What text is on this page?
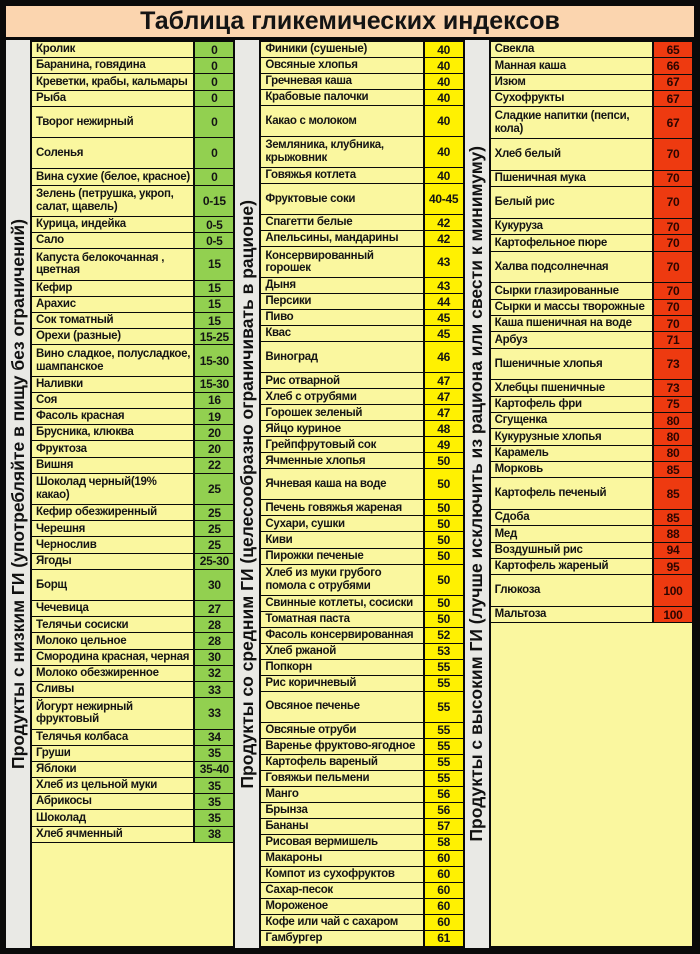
Таблица гликемических индексов
Продукты с низким ГИ (употребляйте в пищу без ограничений)
Кролик	0
Баранина, говядина	0
Креветки, крабы, кальмары	0
Рыба	0
Творог нежирный	0
Соленья	0
Вина сухие (белое, красное)	0
Зелень (петрушка, укроп, салат, щавель)	0-15
Курица, индейка	0-5
Сало	0-5
Капуста белокочанная , цветная	15
Кефир	15
Арахис	15
Сок томатный	15
Орехи (разные)	15-25
Вино сладкое, полусладкое, шампанское	15-30
Наливки	15-30
Соя	16
Фасоль красная	19
Брусника, клюква	20
Фруктоза	20
Вишня	22
Шоколад черный(19% какао)	25
Кефир обезжиренный	25
Черешня	25
Чернослив	25
Ягоды	25-30
Борщ	30
Чечевица	27
Телячьи сосиски	28
Молоко цельное	28
Смородина красная, черная	30
Молоко обезжиренное	32
Сливы	33
Йогурт нежирный фруктовый	33
Телячья колбаса	34
Груши	35
Яблоки	35-40
Хлеб из цельной муки	35
Абрикосы	35
Шоколад	35
Хлеб ячменный	38
Продукты со средним ГИ (целесообразно ограничивать в рационе)
Финики (сушеные)	40
Овсяные хлопья	40
Гречневая каша	40
Крабовые палочки	40
Какао с молоком	40
Земляника, клубника, крыжовник	40
Говяжья котлета	40
Фруктовые соки	40-45
Спагетти белые	42
Апельсины, мандарины	42
Консервированный горошек	43
Дыня	43
Персики	44
Пиво	45
Квас	45
Виноград	46
Рис отварной	47
Хлеб с отрубями	47
Горошек зеленый	47
Яйцо куриное	48
Грейпфрутовый сок	49
Ячменные хлопья	50
Ячневая каша на воде	50
Печень говяжья жареная	50
Сухари, сушки	50
Киви	50
Пирожки печеные	50
Хлеб из муки грубого помола с отрубями	50
Свинные котлеты, сосиски	50
Томатная паста	50
Фасоль консервированная	52
Хлеб ржаной	53
Попкорн	55
Рис коричневый	55
Овсяное печенье	55
Овсяные отруби	55
Варенье фруктово-ягодное	55
Картофель вареный	55
Говяжьи пельмени	55
Манго	56
Брынза	56
Бананы	57
Рисовая вермишель	58
Макароны	60
Компот из сухофруктов	60
Сахар-песок	60
Мороженое	60
Кофе или чай с сахаром	60
Гамбургер	61
Продукты с высоким ГИ (лучше исключить из рациона или свести к минимуму)
Свекла	65
Манная каша	66
Изюм	67
Сухофрукты	67
Сладкие напитки (пепси, кола)	67
Хлеб белый	70
Пшеничная мука	70
Белый рис	70
Кукуруза	70
Картофельное пюре	70
Халва подсолнечная	70
Сырки глазированные	70
Сырки и массы творожные	70
Каша пшеничная на воде	70
Арбуз	71
Пшеничные хлопья	73
Хлебцы пшеничные	73
Картофель фри	75
Сгущенка	80
Кукурузные хлопья	80
Карамель	80
Морковь	85
Картофель печеный	85
Сдоба	85
Мед	88
Воздушный рис	94
Картофель жареный	95
Глюкоза	100
Мальтоза	100
